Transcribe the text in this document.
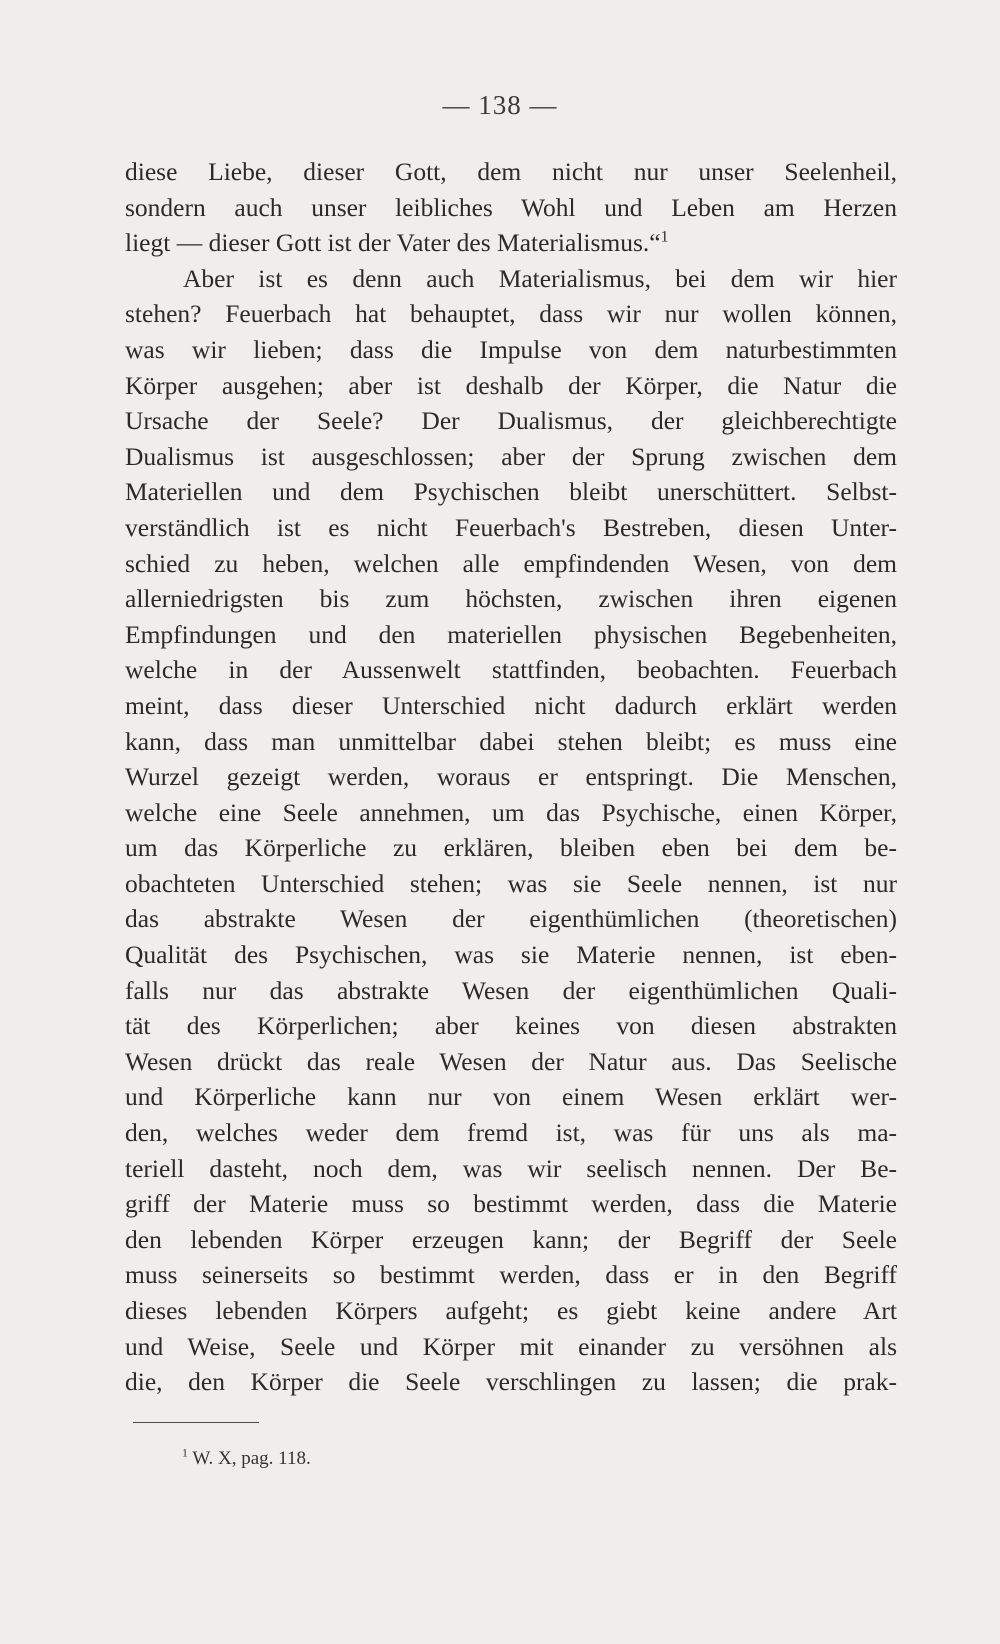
— 138 —
diese Liebe, dieser Gott, dem nicht nur unser Seelenheil,
sondern auch unser leibliches Wohl und Leben am Herzen
liegt — dieser Gott ist der Vater des Materialismus.“$^1$
Aber ist es denn auch Materialismus, bei dem wir hier
stehen? Feuerbach hat behauptet, dass wir nur wollen können,
was wir lieben; dass die Impulse von dem naturbestimmten
Körper ausgehen; aber ist deshalb der Körper, die Natur die
Ursache der Seele? Der Dualismus, der gleichberechtigte
Dualismus ist ausgeschlossen; aber der Sprung zwischen dem
Materiellen und dem Psychischen bleibt unerschüttert. Selbst-
verständlich ist es nicht Feuerbach's Bestreben, diesen Unter-
schied zu heben, welchen alle empfindenden Wesen, von dem
allerniedrigsten bis zum höchsten, zwischen ihren eigenen
Empfindungen und den materiellen physischen Begebenheiten,
welche in der Aussenwelt stattfinden, beobachten. Feuerbach
meint, dass dieser Unterschied nicht dadurch erklärt werden
kann, dass man unmittelbar dabei stehen bleibt; es muss eine
Wurzel gezeigt werden, woraus er entspringt. Die Menschen,
welche eine Seele annehmen, um das Psychische, einen Körper,
um das Körperliche zu erklären, bleiben eben bei dem be-
obachteten Unterschied stehen; was sie Seele nennen, ist nur
das abstrakte Wesen der eigenthümlichen (theoretischen)
Qualität des Psychischen, was sie Materie nennen, ist eben-
falls nur das abstrakte Wesen der eigenthümlichen Quali-
tät des Körperlichen; aber keines von diesen abstrakten
Wesen drückt das reale Wesen der Natur aus. Das Seelische
und Körperliche kann nur von einem Wesen erklärt wer-
den, welches weder dem fremd ist, was für uns als ma-
teriell dasteht, noch dem, was wir seelisch nennen. Der Be-
griff der Materie muss so bestimmt werden, dass die Materie
den lebenden Körper erzeugen kann; der Begriff der Seele
muss seinerseits so bestimmt werden, dass er in den Begriff
dieses lebenden Körpers aufgeht; es giebt keine andere Art
und Weise, Seele und Körper mit einander zu versöhnen als
die, den Körper die Seele verschlingen zu lassen; die prak-
$^1$ W. X, pag. 118.
